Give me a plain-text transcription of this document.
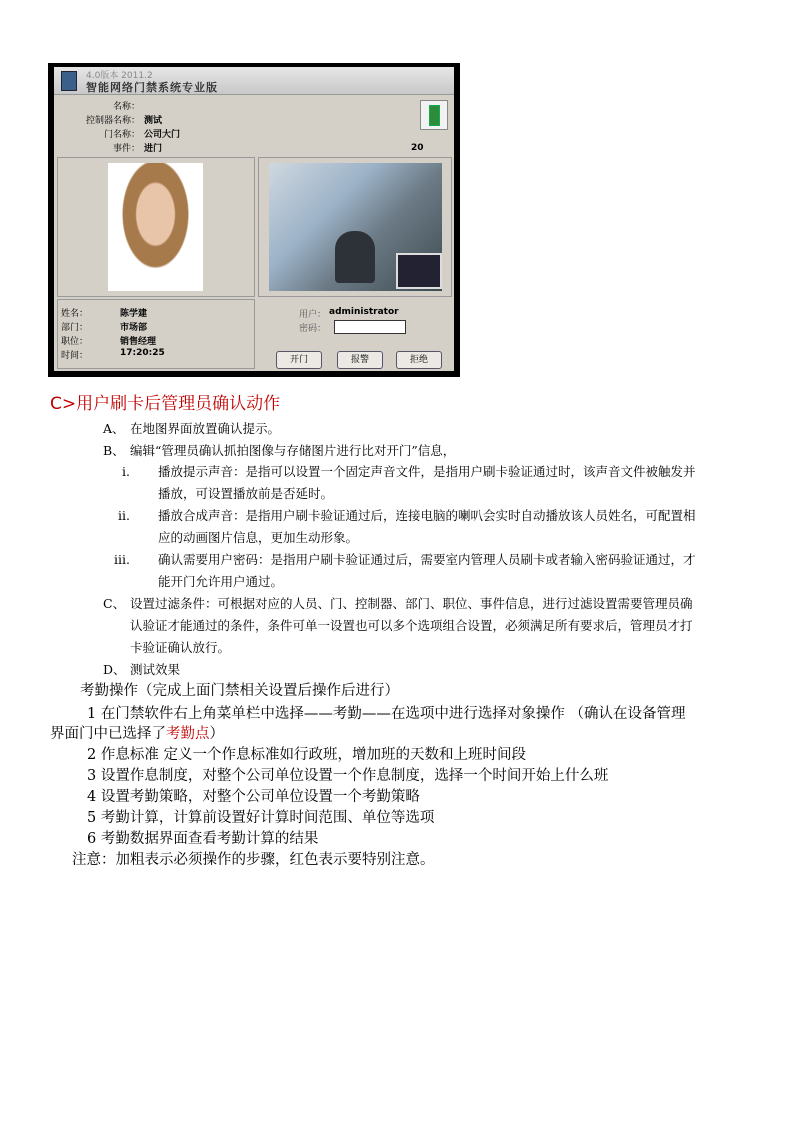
4.0版本 2011.2
智能网络门禁系统专业版
名称：
控制器名称： 测试
门名称： 公司大门
事件： 进门	20
姓名：	陈学建
部门：	市场部
职位：	销售经理
时间：	17:20:25
用户： administrator
密码：
开门	报警	拒绝
C>用户刷卡后管理员确认动作
A、 在地图界面放置确认提示。
B、 编辑“管理员确认抓拍图像与存储图片进行比对开门”信息，
i. 播放提示声音：是指可以设置一个固定声音文件，是指用户刷卡验证通过时，该声音文件被触发并
播放，可设置播放前是否延时。
ii. 播放合成声音：是指用户刷卡验证通过后，连接电脑的喇叭会实时自动播放该人员姓名，可配置相
应的动画图片信息，更加生动形象。
iii. 确认需要用户密码：是指用户刷卡验证通过后，需要室内管理人员刷卡或者输入密码验证通过，才
能开门允许用户通过。
C、 设置过滤条件：可根据对应的人员、门、控制器、部门、职位、事件信息，进行过滤设置需要管理员确
认验证才能通过的条件，条件可单一设置也可以多个选项组合设置，必须满足所有要求后，管理员才打
卡验证确认放行。
D、 测试效果
考勤操作（完成上面门禁相关设置后操作后进行）
1 在门禁软件右上角菜单栏中选择——考勤——在选项中进行选择对象操作 （确认在设备管理
界面门中已选择了考勤点）
2 作息标准 定义一个作息标准如行政班，增加班的天数和上班时间段
3 设置作息制度，对整个公司单位设置一个作息制度，选择一个时间开始上什么班
4 设置考勤策略，对整个公司单位设置一个考勤策略
5 考勤计算，计算前设置好计算时间范围、单位等选项
6 考勤数据界面查看考勤计算的结果
注意：加粗表示必须操作的步骤，红色表示要特别注意。
